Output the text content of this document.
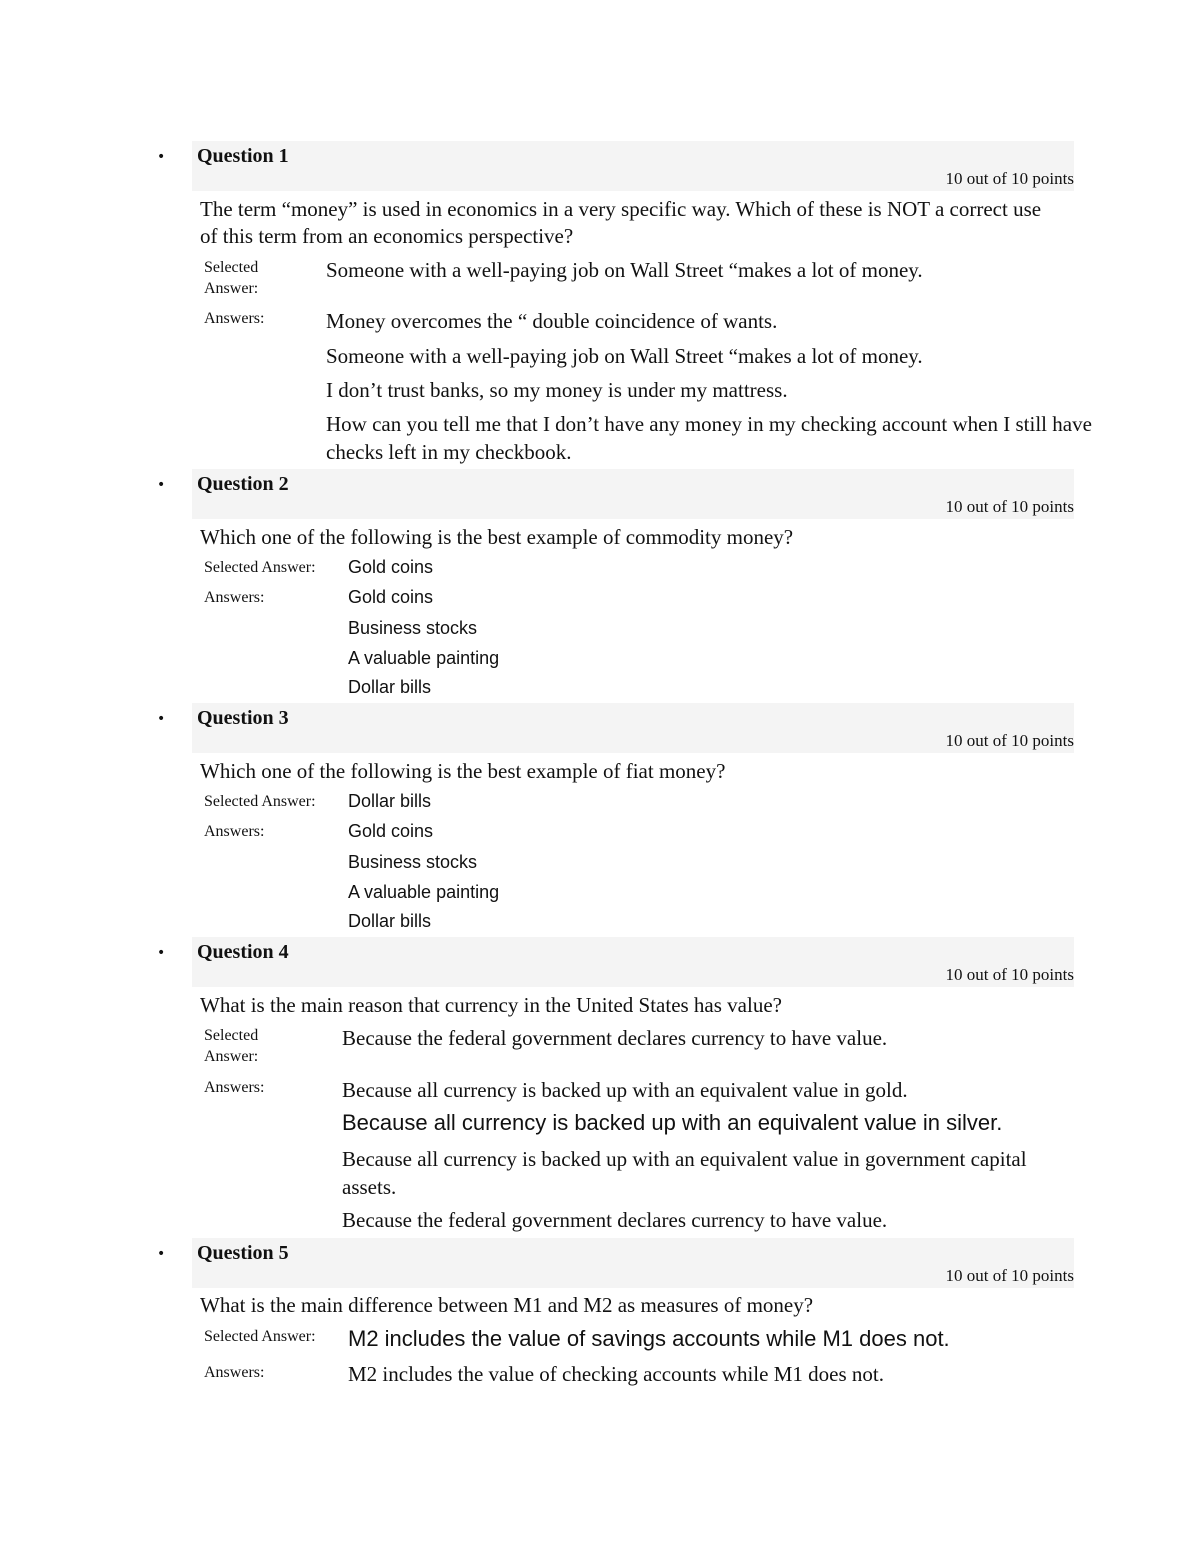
• Question 1
10 out of 10 points
The term “money” is used in economics in a very specific way. Which of these is NOT a correct use of this term from an economics perspective?
Selected
Answer:
Someone with a well-paying job on Wall Street “makes a lot of money.
Answers:	Money overcomes the “ double coincidence of wants.
Someone with a well-paying job on Wall Street “makes a lot of money.
I don’t trust banks, so my money is under my mattress.
How can you tell me that I don’t have any money in my checking account when I still have checks left in my checkbook.
• Question 2
10 out of 10 points
Which one of the following is the best example of commodity money?
Selected Answer: Gold coins
Answers:	Gold coins
Business stocks
A valuable painting
Dollar bills
• Question 3
10 out of 10 points
Which one of the following is the best example of fiat money?
Selected Answer: Dollar bills
Answers:	Gold coins
Business stocks
A valuable painting
Dollar bills
• Question 4
10 out of 10 points
What is the main reason that currency in the United States has value?
Selected
Answer:
Because the federal government declares currency to have value.
Answers:	Because all currency is backed up with an equivalent value in gold.
Because all currency is backed up with an equivalent value in silver.
Because all currency is backed up with an equivalent value in government capital assets.
Because the federal government declares currency to have value.
• Question 5
10 out of 10 points
What is the main difference between M1 and M2 as measures of money?
Selected Answer: M2 includes the value of savings accounts while M1 does not.
Answers:	M2 includes the value of checking accounts while M1 does not.
